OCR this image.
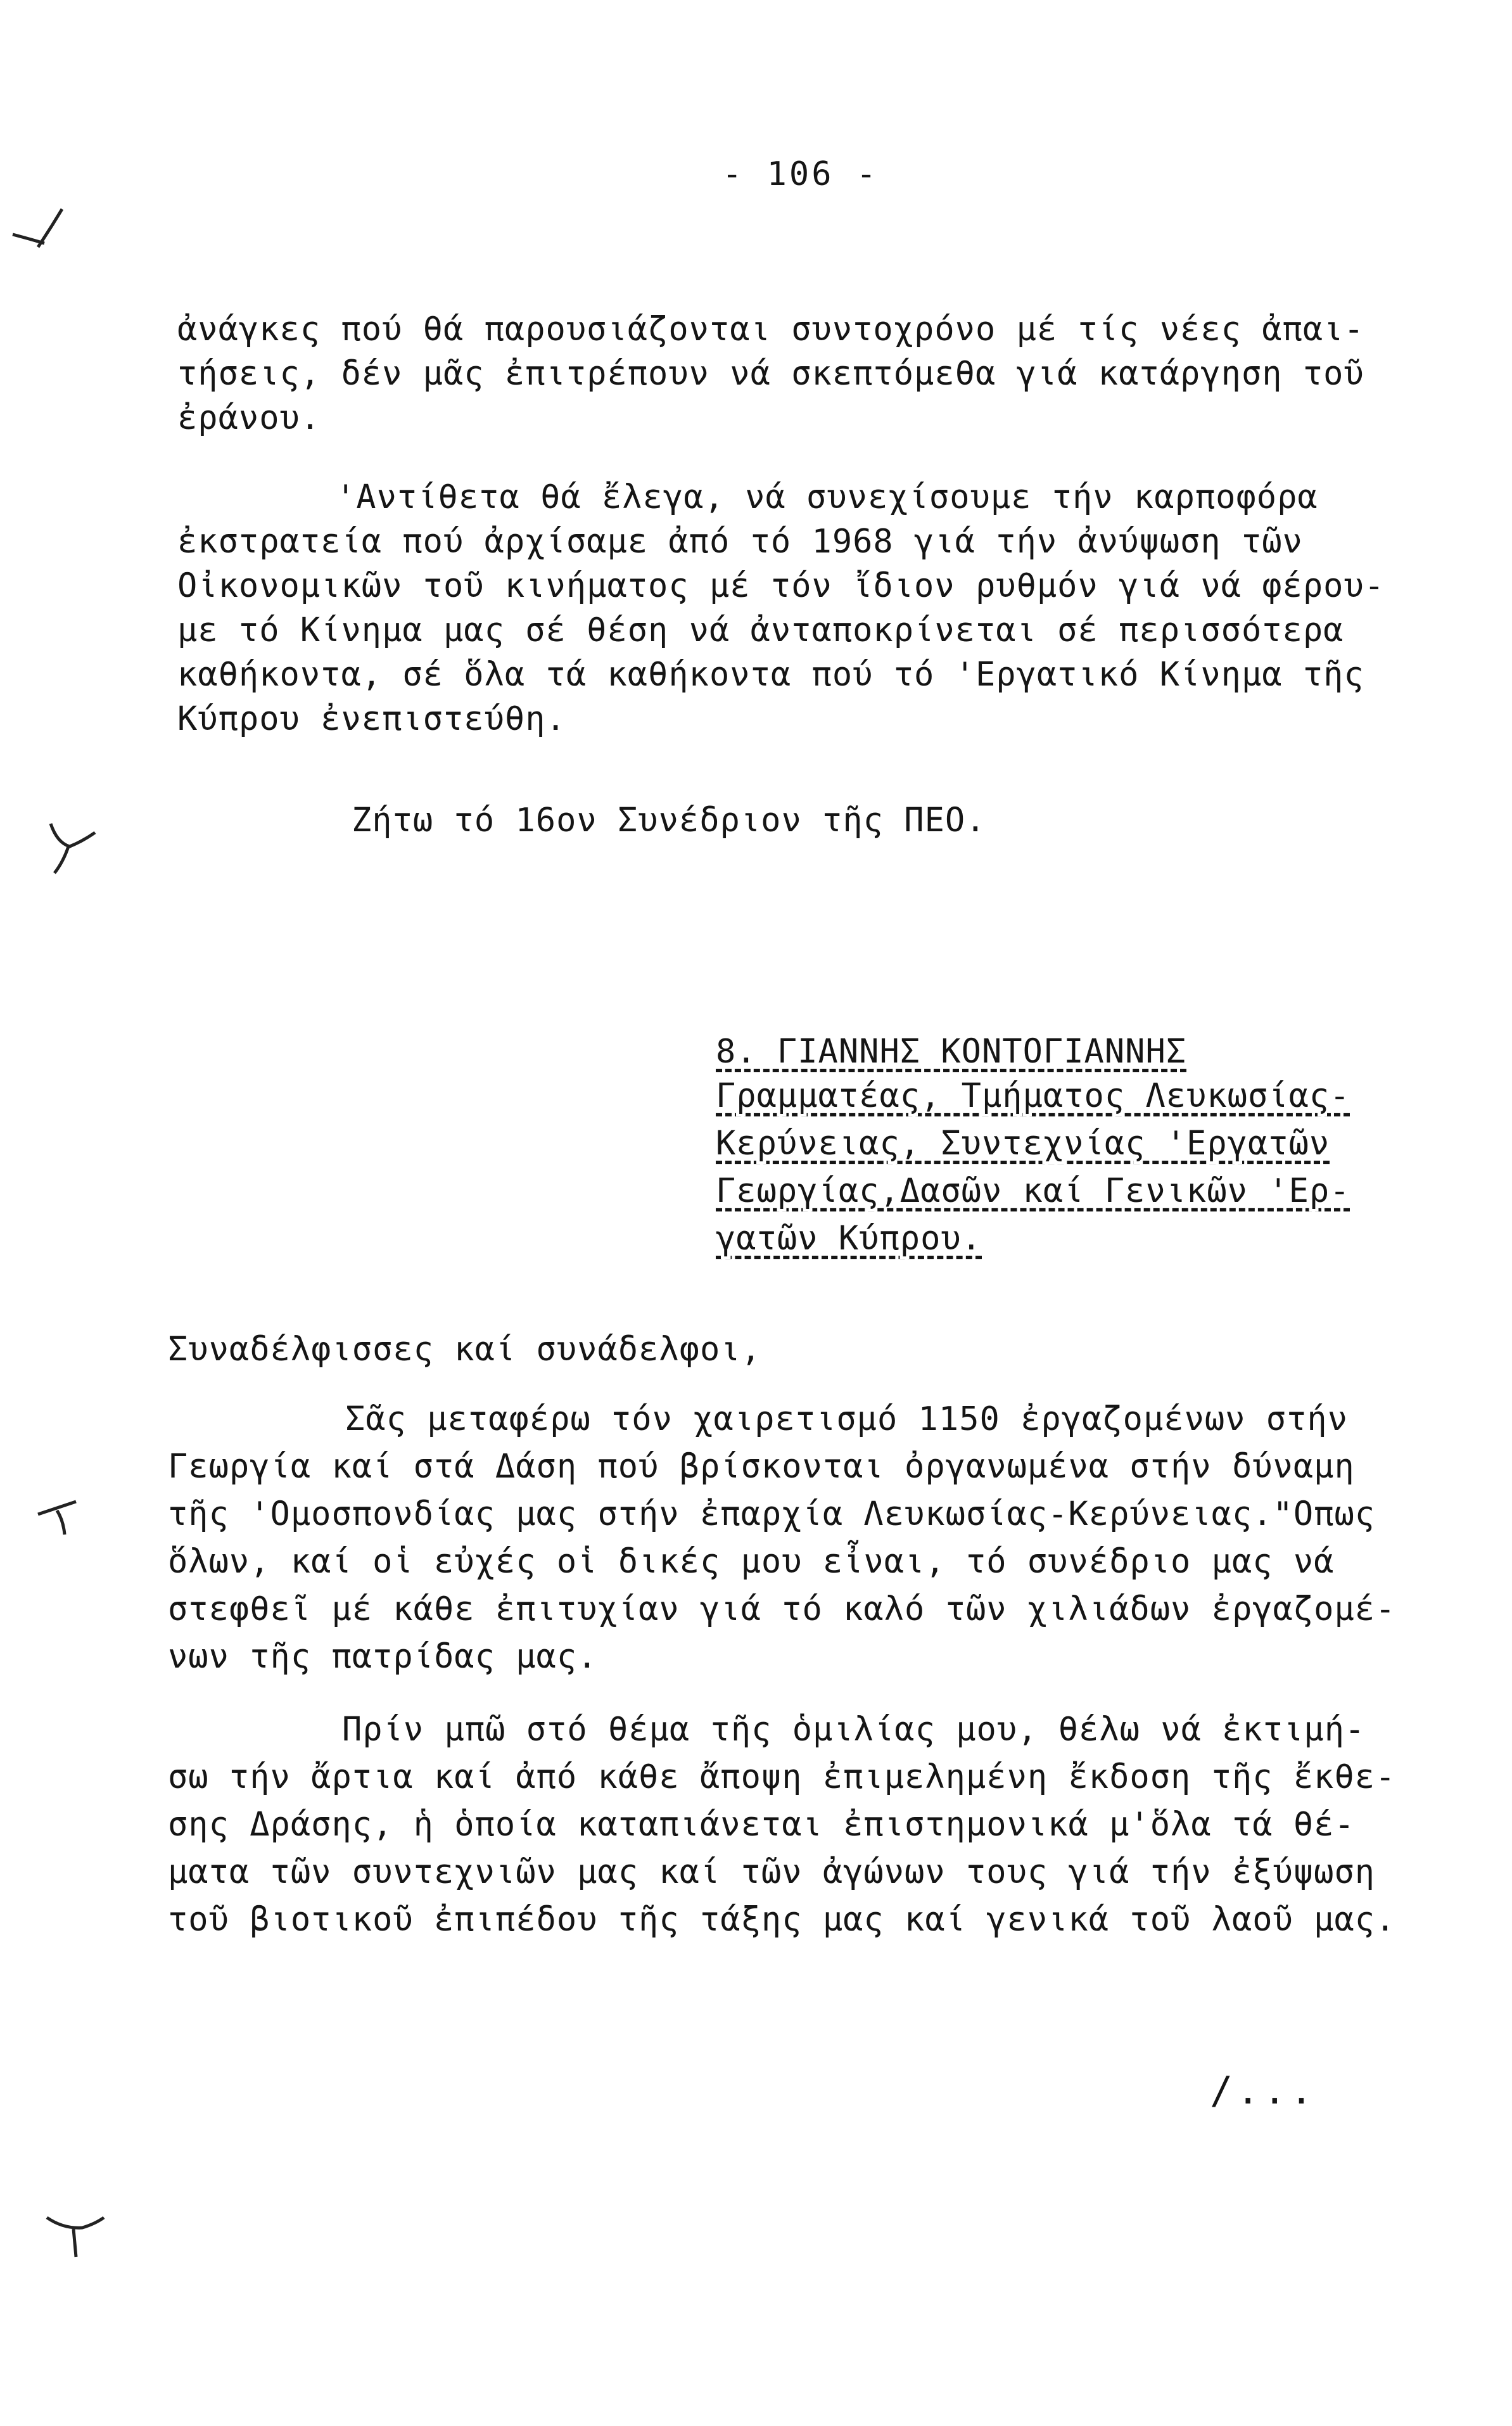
- 106 -
ἀνάγκες πού θά παρουσιάζονται συντοχρόνο μέ τίς νέες ἀπαι-
τήσεις, δέν μᾶς ἐπιτρέπουν νά σκεπτόμεθα γιά κατάργηση τοῦ
ἐράνου.
'Αντίθετα θά ἔλεγα, νά συνεχίσουμε τήν καρποφόρα
ἐκστρατεία πού ἀρχίσαμε ἀπό τό 1968 γιά τήν ἀνύψωση τῶν
Οἰκονομικῶν τοῦ κινήματος μέ τόν ἴδιον ρυθμόν γιά νά φέρου-
με τό Κίνημα μας σέ θέση νά ἀνταποκρίνεται σέ περισσότερα
καθήκοντα, σέ ὅλα τά καθήκοντα πού τό 'Εργατικό Κίνημα τῆς
Κύπρου ἐνεπιστεύθη.
Ζήτω τό 16ον Συνέδριον τῆς ΠΕΟ.
8. ΓΙΑΝΝΗΣ ΚΟΝΤΟΓΙΑΝΝΗΣ
Γραμματέας, Τμήματος Λευκωσίας-
Κερύνειας, Συντεχνίας 'Εργατῶν
Γεωργίας,Δασῶν καί Γενικῶν 'Ερ-
γατῶν Κύπρου.
Συναδέλφισσες καί συνάδελφοι,
Σᾶς μεταφέρω τόν χαιρετισμό 1150 ἐργαζομένων στήν
Γεωργία καί στά Δάση πού βρίσκονται ὀργανωμένα στήν δύναμη
τῆς 'Ομοσπονδίας μας στήν ἐπαρχία Λευκωσίας-Κερύνειας."Οπως
ὅλων, καί οἱ εὐχές οἱ δικές μου εἶναι, τό συνέδριο μας νά
στεφθεῖ μέ κάθε ἐπιτυχίαν γιά τό καλό τῶν χιλιάδων ἐργαζομέ-
νων τῆς πατρίδας μας.
Πρίν μπῶ στό θέμα τῆς ὁμιλίας μου, θέλω νά ἐκτιμή-
σω τήν ἄρτια καί ἀπό κάθε ἄποψη ἐπιμελημένη ἔκδοση τῆς ἔκθε-
σης Δράσης, ἡ ὁποία καταπιάνεται ἐπιστημονικά μ'ὅλα τά θέ-
ματα τῶν συντεχνιῶν μας καί τῶν ἀγώνων τους γιά τήν ἐξύψωση
τοῦ βιοτικοῦ ἐπιπέδου τῆς τάξης μας καί γενικά τοῦ λαοῦ μας.
/...
